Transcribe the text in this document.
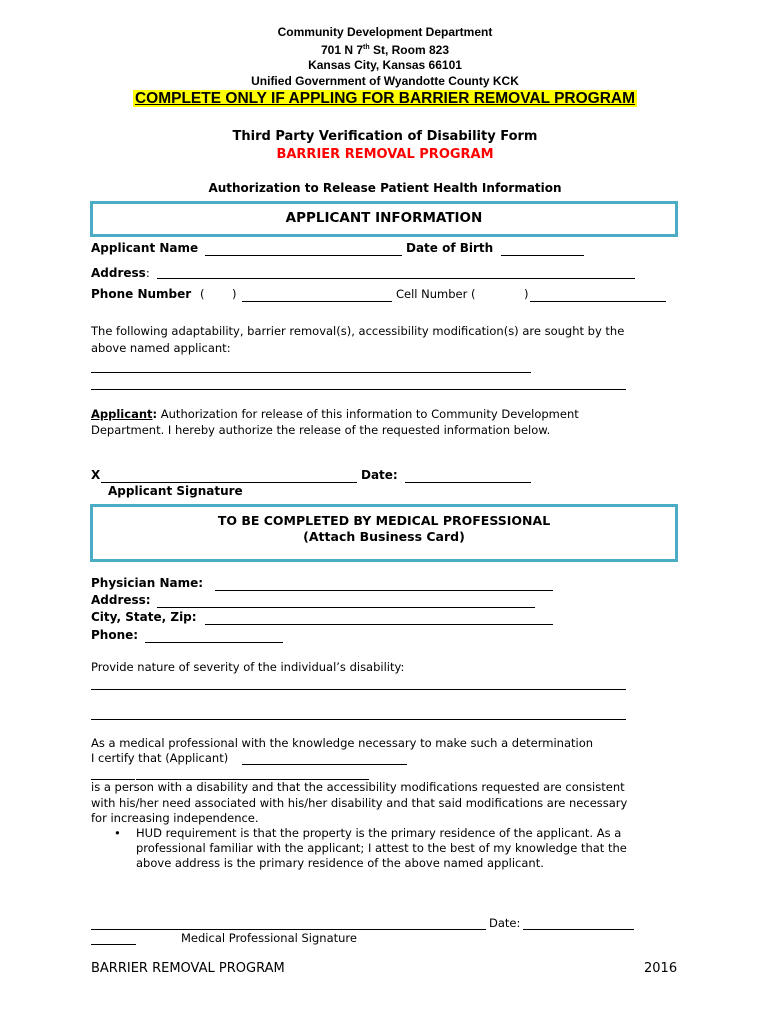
Community Development Department
701 N 7th St, Room 823
Kansas City, Kansas 66101
Unified Government of Wyandotte County KCK
COMPLETE ONLY IF APPLING FOR BARRIER REMOVAL PROGRAM
Third Party Verification of Disability Form
BARRIER REMOVAL PROGRAM
Authorization to Release Patient Health Information
APPLICANT INFORMATION
Applicant Name	Date of Birth
Address:
Phone Number ( )	Cell Number (	)
The following adaptability, barrier removal(s), accessibility modification(s) are sought by the
above named applicant:
Applicant: Authorization for release of this information to Community Development
Department. I hereby authorize the release of the requested information below.
X	Date:
Applicant Signature
TO BE COMPLETED BY MEDICAL PROFESSIONAL
(Attach Business Card)
Physician Name:
Address:
City, State, Zip:
Phone:
Provide nature of severity of the individual’s disability:
As a medical professional with the knowledge necessary to make such a determination
I certify that (Applicant)
is a person with a disability and that the accessibility modifications requested are consistent
with his/her need associated with his/her disability and that said modifications are necessary
for increasing independence.
• HUD requirement is that the property is the primary residence of the applicant. As a
professional familiar with the applicant; I attest to the best of my knowledge that the
above address is the primary residence of the above named applicant.
Date:
Medical Professional Signature
BARRIER REMOVAL PROGRAM	2016
